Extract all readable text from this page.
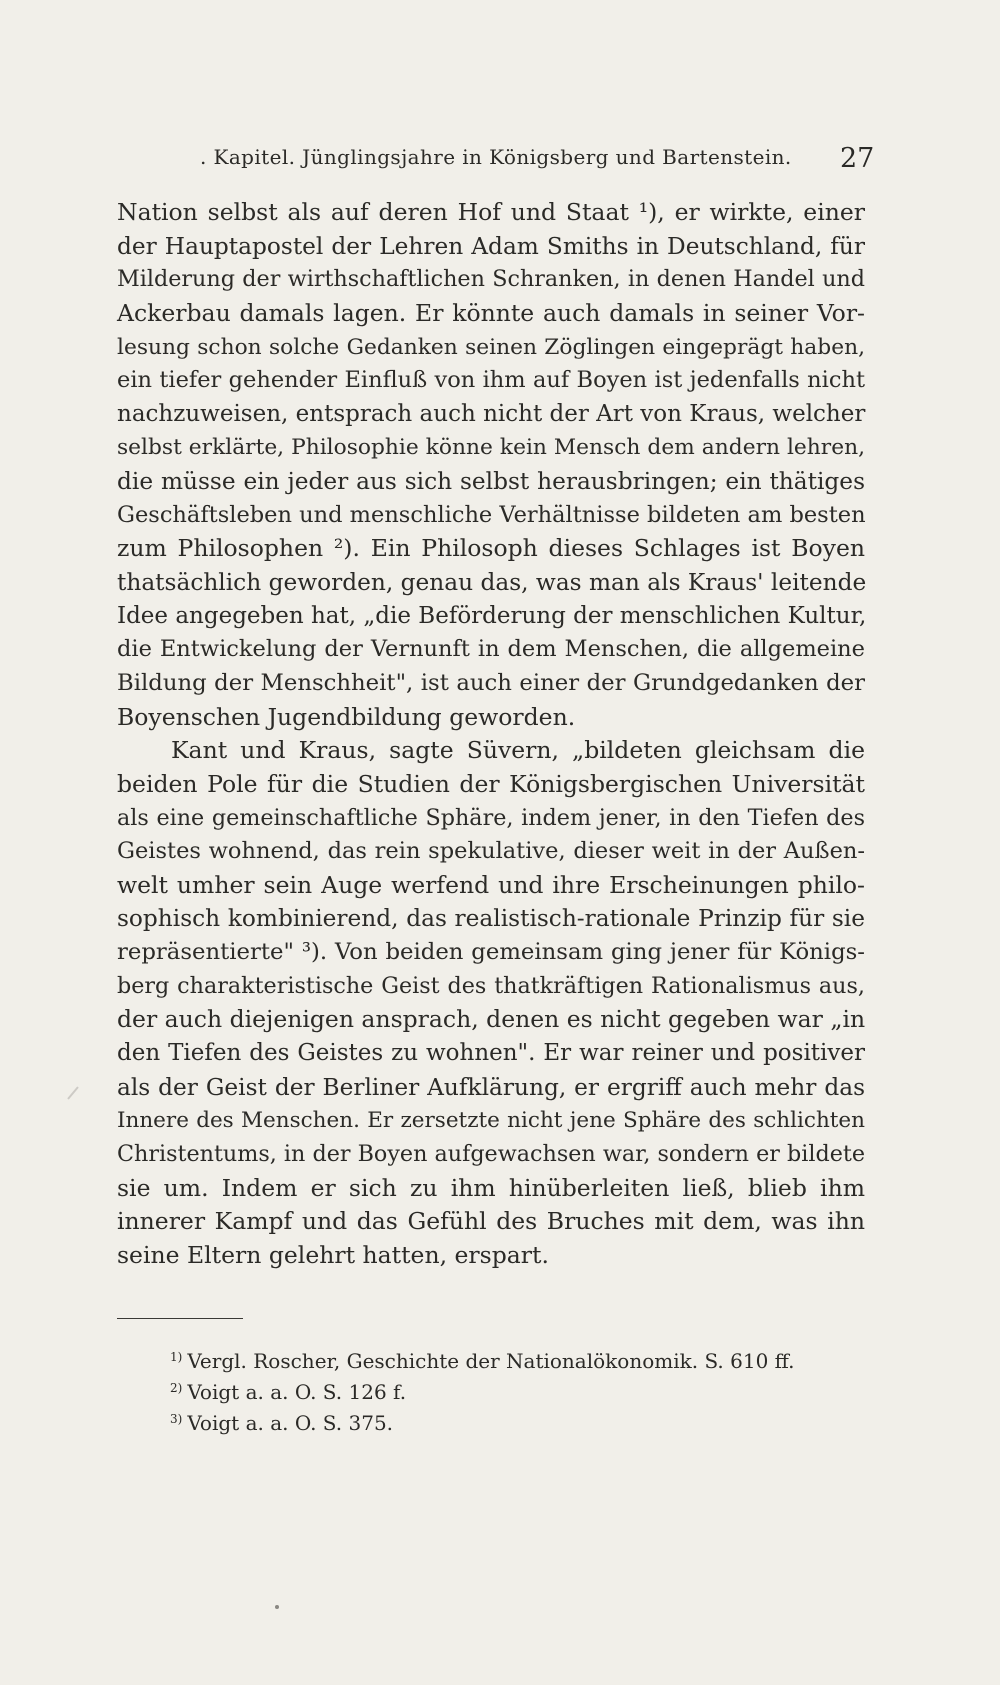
. Kapitel. Jünglingsjahre in Königsberg und Bartenstein. 27
Nation selbst als auf deren Hof und Staat ¹), er wirkte, einer
der Hauptapostel der Lehren Adam Smiths in Deutschland, für
Milderung der wirthschaftlichen Schranken, in denen Handel und
Ackerbau damals lagen. Er könnte auch damals in seiner Vor-
lesung schon solche Gedanken seinen Zöglingen eingeprägt haben,
ein tiefer gehender Einfluß von ihm auf Boyen ist jedenfalls nicht
nachzuweisen, entsprach auch nicht der Art von Kraus, welcher
selbst erklärte, Philosophie könne kein Mensch dem andern lehren,
die müsse ein jeder aus sich selbst herausbringen; ein thätiges
Geschäftsleben und menschliche Verhältnisse bildeten am besten
zum Philosophen ²). Ein Philosoph dieses Schlages ist Boyen
thatsächlich geworden, genau das, was man als Kraus' leitende
Idee angegeben hat, „die Beförderung der menschlichen Kultur,
die Entwickelung der Vernunft in dem Menschen, die allgemeine
Bildung der Menschheit", ist auch einer der Grundgedanken der
Boyenschen Jugendbildung geworden.
Kant und Kraus, sagte Süvern, „bildeten gleichsam die
beiden Pole für die Studien der Königsbergischen Universität
als eine gemeinschaftliche Sphäre, indem jener, in den Tiefen des
Geistes wohnend, das rein spekulative, dieser weit in der Außen-
welt umher sein Auge werfend und ihre Erscheinungen philo-
sophisch kombinierend, das realistisch-rationale Prinzip für sie
repräsentierte" ³). Von beiden gemeinsam ging jener für Königs-
berg charakteristische Geist des thatkräftigen Rationalismus aus,
der auch diejenigen ansprach, denen es nicht gegeben war „in
den Tiefen des Geistes zu wohnen". Er war reiner und positiver
als der Geist der Berliner Aufklärung, er ergriff auch mehr das
Innere des Menschen. Er zersetzte nicht jene Sphäre des schlichten
Christentums, in der Boyen aufgewachsen war, sondern er bildete
sie um. Indem er sich zu ihm hinüberleiten ließ, blieb ihm
innerer Kampf und das Gefühl des Bruches mit dem, was ihn
seine Eltern gelehrt hatten, erspart.
$^{1)}$ Vergl. Roscher, Geschichte der Nationalökonomik. S. 610 ff.
$^{2)}$ Voigt a. a. O. S. 126 f.
$^{3)}$ Voigt a. a. O. S. 375.
